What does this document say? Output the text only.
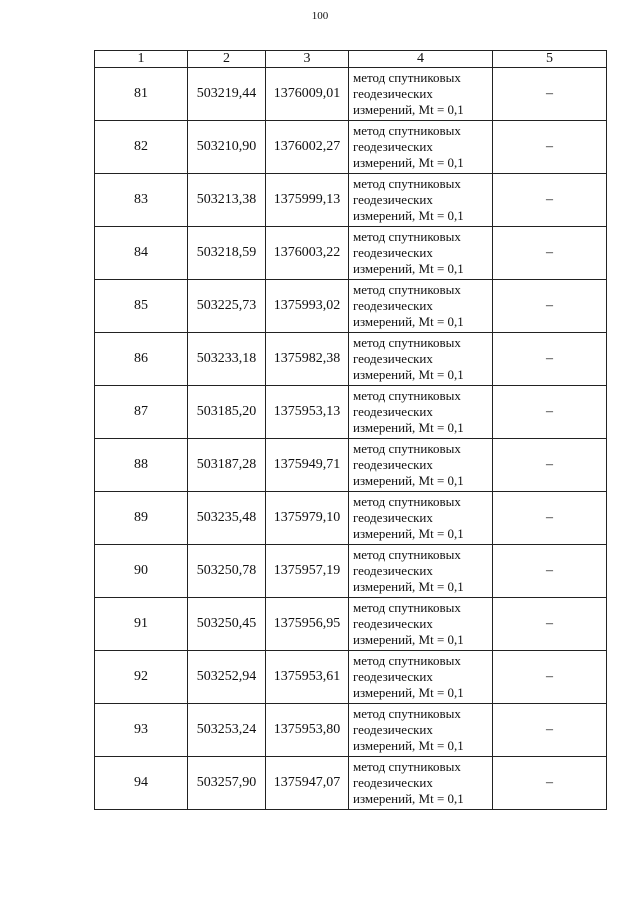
100
1	2	3	4	5
81	503219,44	1376009,01	метод спутниковых
геодезических
измерений, Mt = 0,1	–
82	503210,90	1376002,27	метод спутниковых
геодезических
измерений, Mt = 0,1	–
83	503213,38	1375999,13	метод спутниковых
геодезических
измерений, Mt = 0,1	–
84	503218,59	1376003,22	метод спутниковых
геодезических
измерений, Mt = 0,1	–
85	503225,73	1375993,02	метод спутниковых
геодезических
измерений, Mt = 0,1	–
86	503233,18	1375982,38	метод спутниковых
геодезических
измерений, Mt = 0,1	–
87	503185,20	1375953,13	метод спутниковых
геодезических
измерений, Mt = 0,1	–
88	503187,28	1375949,71	метод спутниковых
геодезических
измерений, Mt = 0,1	–
89	503235,48	1375979,10	метод спутниковых
геодезических
измерений, Mt = 0,1	–
90	503250,78	1375957,19	метод спутниковых
геодезических
измерений, Mt = 0,1	–
91	503250,45	1375956,95	метод спутниковых
геодезических
измерений, Mt = 0,1	–
92	503252,94	1375953,61	метод спутниковых
геодезических
измерений, Mt = 0,1	–
93	503253,24	1375953,80	метод спутниковых
геодезических
измерений, Mt = 0,1	–
94	503257,90	1375947,07	метод спутниковых
геодезических
измерений, Mt = 0,1	–
